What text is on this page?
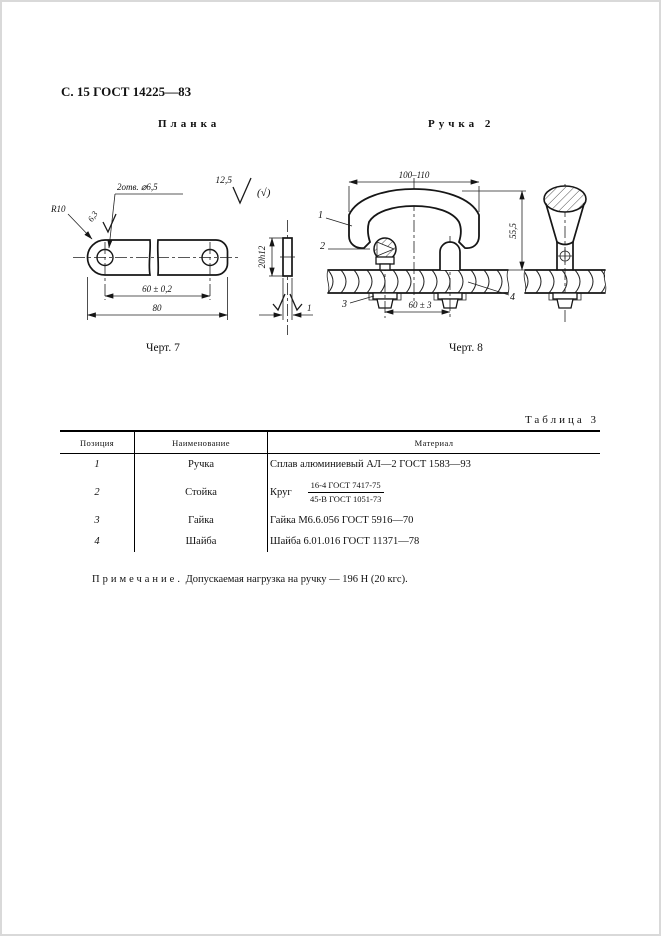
С. 15 ГОСТ 14225—83
Планка	Ручка 2
12,5
(√)
R10
2отв. ⌀6,5
6,3
60 ± 0,2
80
20h12
1
Черт. 7
100–110
55,5
60 ± 3
1
2
3
4
Черт. 8
Таблица 3
Позиция	Наименование	Материал
1	Ручка	Сплав алюминиевый АЛ—2 ГОСТ 1583—93
2	Стойка	Круг $\frac{\text{16-4 ГОСТ 7417-75}}{\text{45-В ГОСТ 1051-73}}$

3	Гайка	Гайка М6.6.056 ГОСТ 5916—70
4	Шайба	Шайба 6.01.016 ГОСТ 11371—78
Примечание. Допускаемая нагрузка на ручку — 196 Н (20 кгс).
